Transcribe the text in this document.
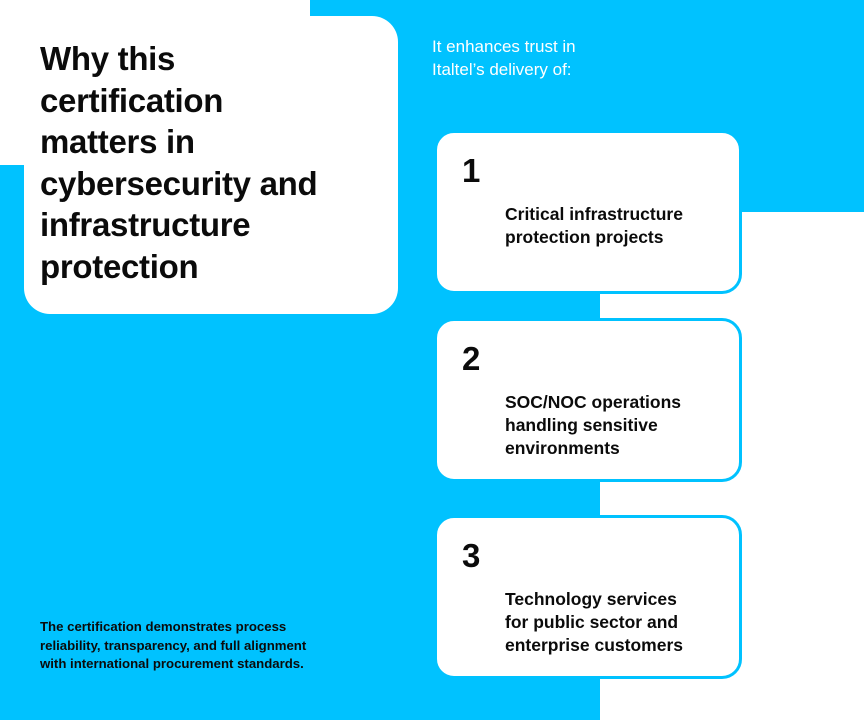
Why this
certification
matters in
cybersecurity and
infrastructure
protection
It enhances trust in
Italtel’s delivery of:
1
Critical infrastructure
protection projects
2
SOC/NOC operations
handling sensitive
environments
3
Technology services
for public sector and
enterprise customers
The certification demonstrates process
reliability, transparency, and full alignment
with international procurement standards.
